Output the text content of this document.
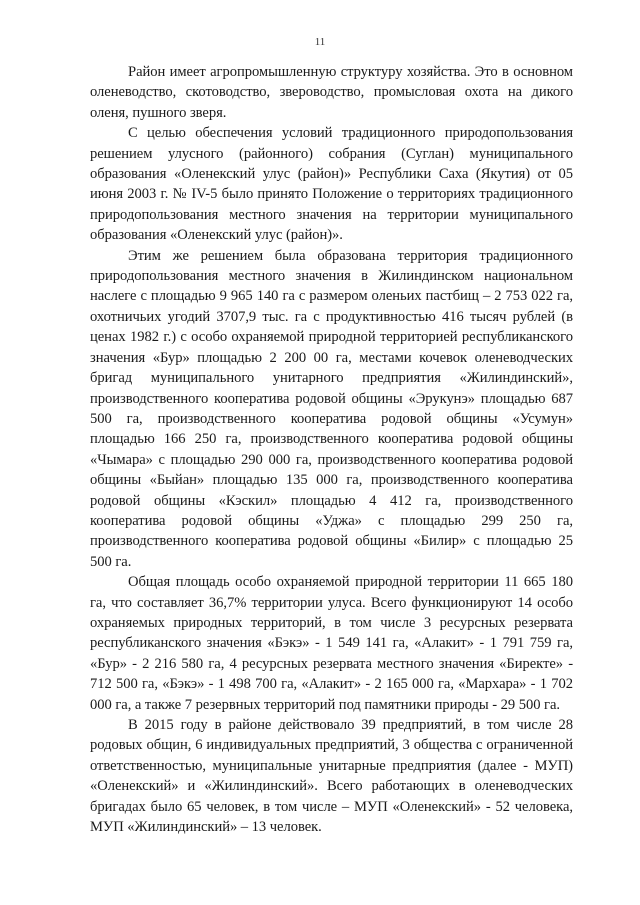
11

Район имеет агропромышленную структуру хозяйства. Это в основном оленеводство, скотоводство, звероводство, промысловая охота на дикого оленя, пушного зверя.

С целью обеспечения условий традиционного природопользования решением улусного (районного) собрания (Суглан) муниципального образования «Оленекский улус (район)» Республики Саха (Якутия) от 05 июня 2003 г. № IV-5 было принято Положение о территориях традиционного природопользования местного значения на территории муниципального образования «Оленекский улус (район)».

Этим же решением была образована территория традиционного природопользования местного значения в Жилиндинском национальном наслеге с площадью 9 965 140 га с размером оленьих пастбищ – 2 753 022 га, охотничьих угодий 3707,9 тыс. га с продуктивностью 416 тысяч рублей (в ценах 1982 г.) с особо охраняемой природной территорией республиканского значения «Бур» площадью 2 200 00 га, местами кочевок оленеводческих бригад муниципального унитарного предприятия «Жилиндинский», производственного кооператива родовой общины «Эрукунэ» площадью 687 500 га, производственного кооператива родовой общины «Усумун» площадью 166 250 га, производственного кооператива родовой общины «Чымара» с площадью 290 000 га, производственного кооператива родовой общины «Быйан» площадью 135 000 га, производственного кооператива родовой общины «Кэскил» площадью 4 412 га, производственного кооператива родовой общины «Уджа» с площадью 299 250 га, производственного кооператива родовой общины «Билир» с площадью 25 500 га.

Общая площадь особо охраняемой природной территории 11 665 180 га, что составляет 36,7% территории улуса. Всего функционируют 14 особо охраняемых природных территорий, в том числе 3 ресурсных резервата республиканского значения «Бэкэ» - 1 549 141 га, «Алакит» - 1 791 759 га, «Бур» - 2 216 580 га, 4 ресурсных резервата местного значения «Биректе» - 712 500 га, «Бэкэ» - 1 498 700 га, «Алакит» - 2 165 000 га, «Мархара» - 1 702 000 га, а также 7 резервных территорий под памятники природы - 29 500 га.

В 2015 году в районе действовало 39 предприятий, в том числе 28 родовых общин, 6 индивидуальных предприятий, 3 общества с ограниченной ответственностью, муниципальные унитарные предприятия (далее - МУП) «Оленекский» и «Жилиндинский». Всего работающих в оленеводческих бригадах было 65 человек, в том числе – МУП «Оленекский» - 52 человека, МУП «Жилиндинский» – 13 человек.
